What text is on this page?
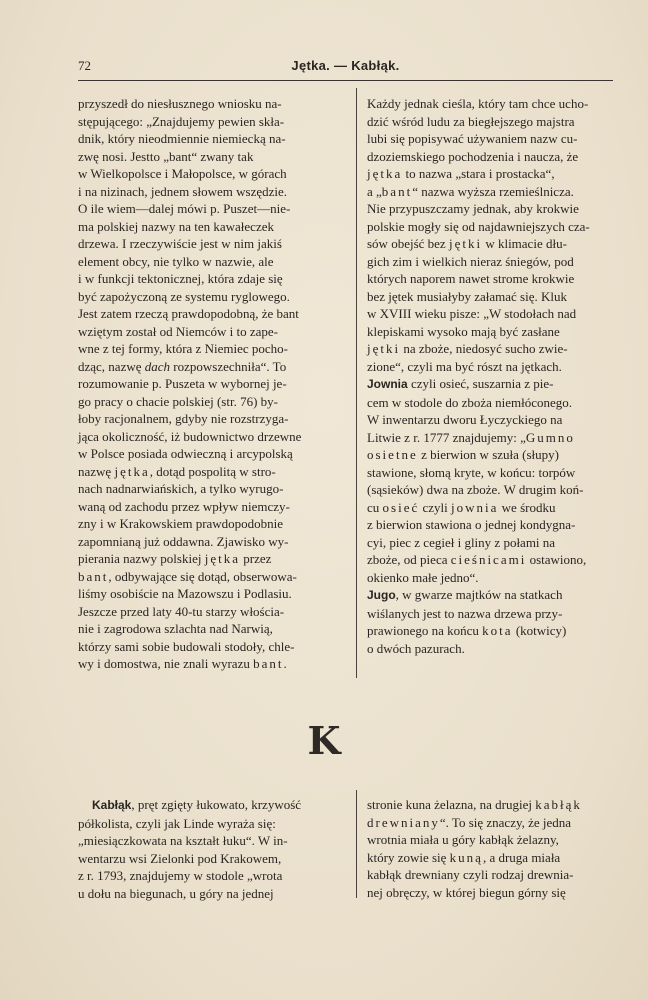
72	Jętka. — Kabłąk.

przyszedł do niesłusznego wniosku na-

stępującego: „Znajdujemy pewien skła-

dnik, który nieodmiennie niemiecką na-

zwę nosi. Jestto „bant“ zwany tak

w Wielkopolsce i Małopolsce, w górach

i na nizinach, jednem słowem wszędzie.

O ile wiem—dalej mówi p. Puszet—nie-

ma polskiej nazwy na ten kawałeczek

drzewa. I rzeczywiście jest w nim jakiś

element obcy, nie tylko w nazwie, ale

i w funkcji tektonicznej, która zdaje się

być zapożyczoną ze systemu ryglowego.

Jest zatem rzeczą prawdopodobną, że bant

wziętym został od Niemców i to zape-

wne z tej formy, która z Niemiec pocho-

dząc, nazwę dach rozpowszechniła“. To

rozumowanie p. Puszeta w wybornej je-

go pracy o chacie polskiej (str. 76) by-

łoby racjonalnem, gdyby nie rozstrzyga-

jąca okoliczność, iż budownictwo drzewne

w Polsce posiada odwieczną i arcypolską

nazwę jętka, dotąd pospolitą w stro-

nach nadnarwiańskich, a tylko wyrugo-

waną od zachodu przez wpływ niemczy-

zny i w Krakowskiem prawdopodobnie

zapomnianą już oddawna. Zjawisko wy-

pierania nazwy polskiej jętka przez

bant, odbywające się dotąd, obserwowa-

liśmy osobiście na Mazowszu i Podlasiu.

Jeszcze przed laty 40-tu starzy włościa-

nie i zagrodowa szlachta nad Narwią,

którzy sami sobie budowali stodoły, chle-

wy i domostwa, nie znali wyrazu bant.

Każdy jednak cieśla, który tam chce ucho-

dzić wśród ludu za biegłejszego majstra

lubi się popisywać używaniem nazw cu-

dzoziemskiego pochodzenia i naucza, że

jętka to nazwa „stara i prostacka“,

a „bant“ nazwa wyższa rzemieślnicza.

Nie przypuszczamy jednak, aby krokwie

polskie mogły się od najdawniejszych cza-

sów obejść bez jętki w klimacie dłu-

gich zim i wielkich nieraz śniegów, pod

których naporem nawet strome krokwie

bez jętek musiałyby załamać się. Kluk

w XVIII wieku pisze: „W stodołach nad

klepiskami wysoko mają być zasłane

jętki na zboże, niedosyć sucho zwie-

zione“, czyli ma być rószt na jętkach.

Jownia czyli osieć, suszarnia z pie-

cem w stodole do zboża niemłóconego.

W inwentarzu dworu Łyczyckiego na

Litwie z r. 1777 znajdujemy: „Gumno

osietne z bierwion w szuła (słupy)

stawione, słomą kryte, w końcu: torpów

(sąsieków) dwa na zboże. W drugim koń-

cu osieć czyli jownia we środku

z bierwion stawiona o jednej kondygna-

cyi, piec z cegieł i gliny z połami na

zboże, od pieca cieśnicami ostawiono,

okienko małe jedno“.

Jugo, w gwarze majtków na statkach

wiślanych jest to nazwa drzewa przy-

prawionego na końcu kota (kotwicy)

o dwóch pazurach.

K

Kabłąk, pręt zgięty łukowato, krzywość

półkolista, czyli jak Linde wyraża się:

„miesiączkowata na kształt łuku“. W in-

wentarzu wsi Zielonki pod Krakowem,

z r. 1793, znajdujemy w stodole „wrota

u dołu na biegunach, u góry na jednej

stronie kuna żelazna, na drugiej kabłąk

drewniany“. To się znaczy, że jedna

wrotnia miała u góry kabłąk żelazny,

który zowie się kuną, a druga miała

kabłąk drewniany czyli rodzaj drewnia-

nej obręczy, w której biegun górny się
